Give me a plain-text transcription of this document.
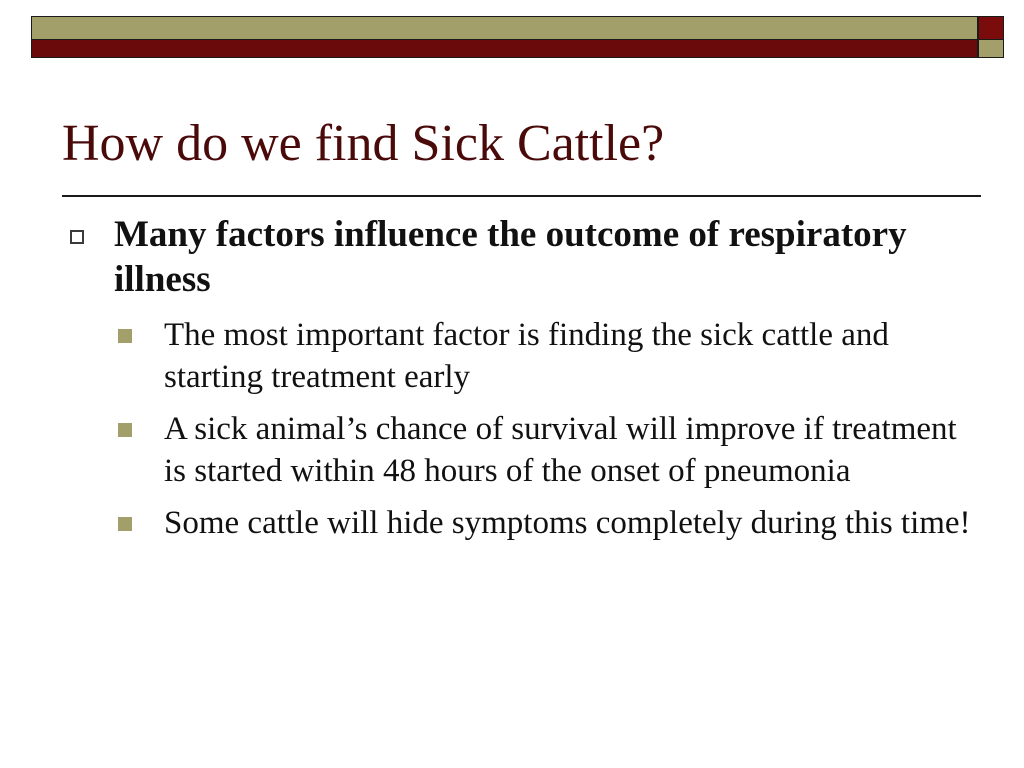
How do we find Sick Cattle?
Many factors influence the outcome of respiratory illness
The most important factor is finding the sick cattle and starting treatment early
A sick animal’s chance of survival will improve if treatment is started within 48 hours of the onset of pneumonia
Some cattle will hide symptoms completely during this time!
